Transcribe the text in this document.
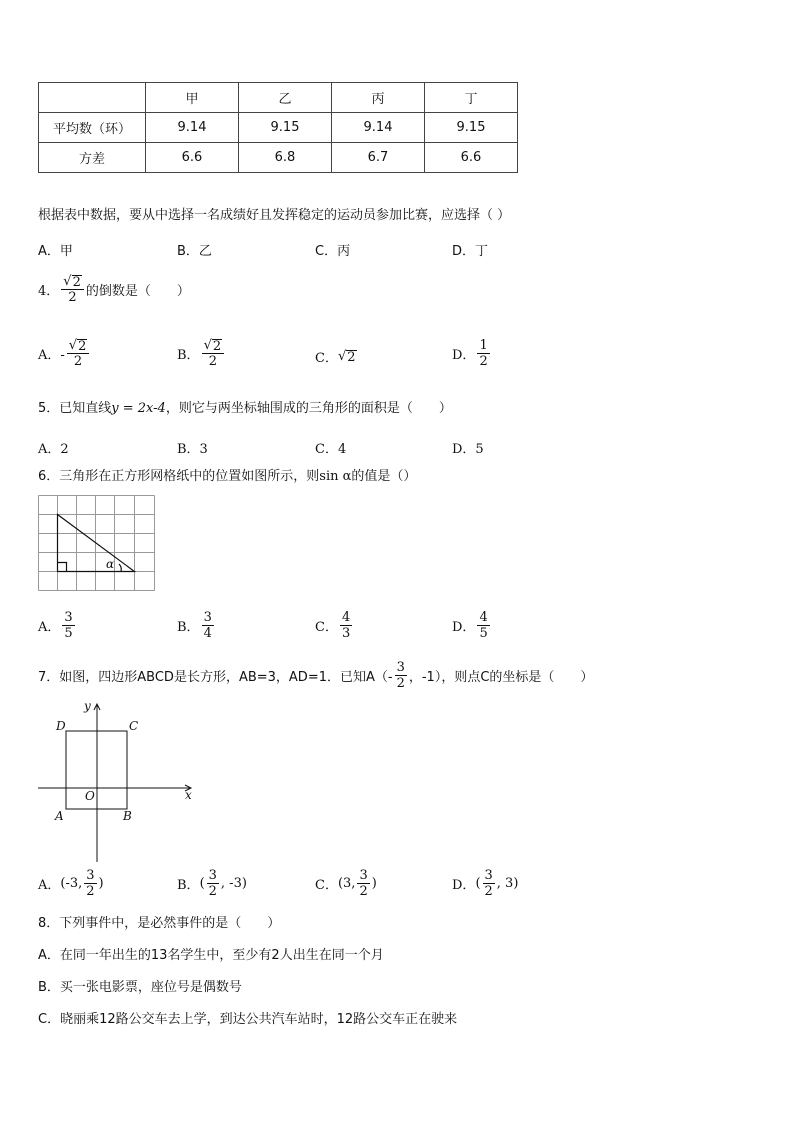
	甲	乙	丙	丁
平均数（环）	9.14	9.15	9.14	9.15
方差	6.6	6.8	6.7	6.6
根据表中数据，要从中选择一名成绩好且发挥稳定的运动员参加比赛，应选择（ ）
A．甲	B．乙	C．丙	D．丁
4． $\frac{√ 2}{2}$ 的倒数是（　　）
A．- $\frac{√ 2}{2}$	B． $\frac{√ 2}{2}$	C． √ 2	D． $\frac{1}{2}$
5．已知直线y = 2x-4，则它与两坐标轴围成的三角形的面积是（　　）
A．2	B．3	C．4	D．5
6．三角形在正方形网格纸中的位置如图所示，则sin α的值是（）
α
A． $\frac{3}{5}$	B． $\frac{3}{4}$	C． $\frac{4}{3}$	D． $\frac{4}{5}$
7．如图，四边形ABCD是长方形，AB=3，AD=1．已知$A(- \frac{3}{2}$ ，-1），则点C的坐标是（　　）
D	C
A	B
O	x
y
A． (-3, $\frac{3}{2}$ )	B． ( $\frac{3}{2}$ , -3)	C． (3, $\frac{3}{2}$ )	D． ( $\frac{3}{2}$ , 3)
8．下列事件中，是必然事件的是（　　）
A．在同一年出生的13名学生中，至少有2人出生在同一个月
B．买一张电影票，座位号是偶数号
C．晓丽乘12路公交车去上学，到达公共汽车站时，12路公交车正在驶来
